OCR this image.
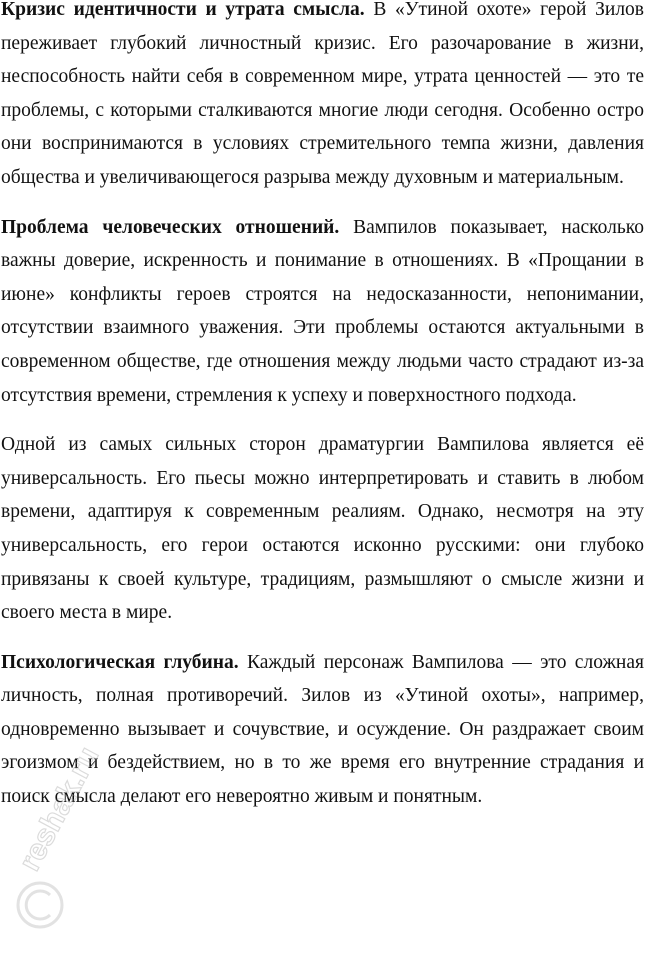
Кризис идентичности и утрата смысла. В «Утиной охоте» герой Зилов переживает глубокий личностный кризис. Его разочарование в жизни, неспособность найти себя в современном мире, утрата ценностей — это те проблемы, с которыми сталкиваются многие люди сегодня. Особенно остро они воспринимаются в условиях стремительного темпа жизни, давления общества и увеличивающегося разрыва между духовным и материальным.

Проблема человеческих отношений. Вампилов показывает, насколько важны доверие, искренность и понимание в отношениях. В «Прощании в июне» конфликты героев строятся на недосказанности, непонимании, отсутствии взаимного уважения. Эти проблемы остаются актуальными в современном обществе, где отношения между людьми часто страдают из-за отсутствия времени, стремления к успеху и поверхностного подхода.

Одной из самых сильных сторон драматургии Вампилова является её универсальность. Его пьесы можно интерпретировать и ставить в любом времени, адаптируя к современным реалиям. Однако, несмотря на эту универсальность, его герои остаются исконно русскими: они глубоко привязаны к своей культуре, традициям, размышляют о смысле жизни и своего места в мире.

Психологическая глубина. Каждый персонаж Вампилова — это сложная личность, полная противоречий. Зилов из «Утиной охоты», например, одновременно вызывает и сочувствие, и осуждение. Он раздражает своим эгоизмом и бездействием, но в то же время его внутренние страдания и поиск смысла делают его невероятно живым и понятным.

reshak.ru
